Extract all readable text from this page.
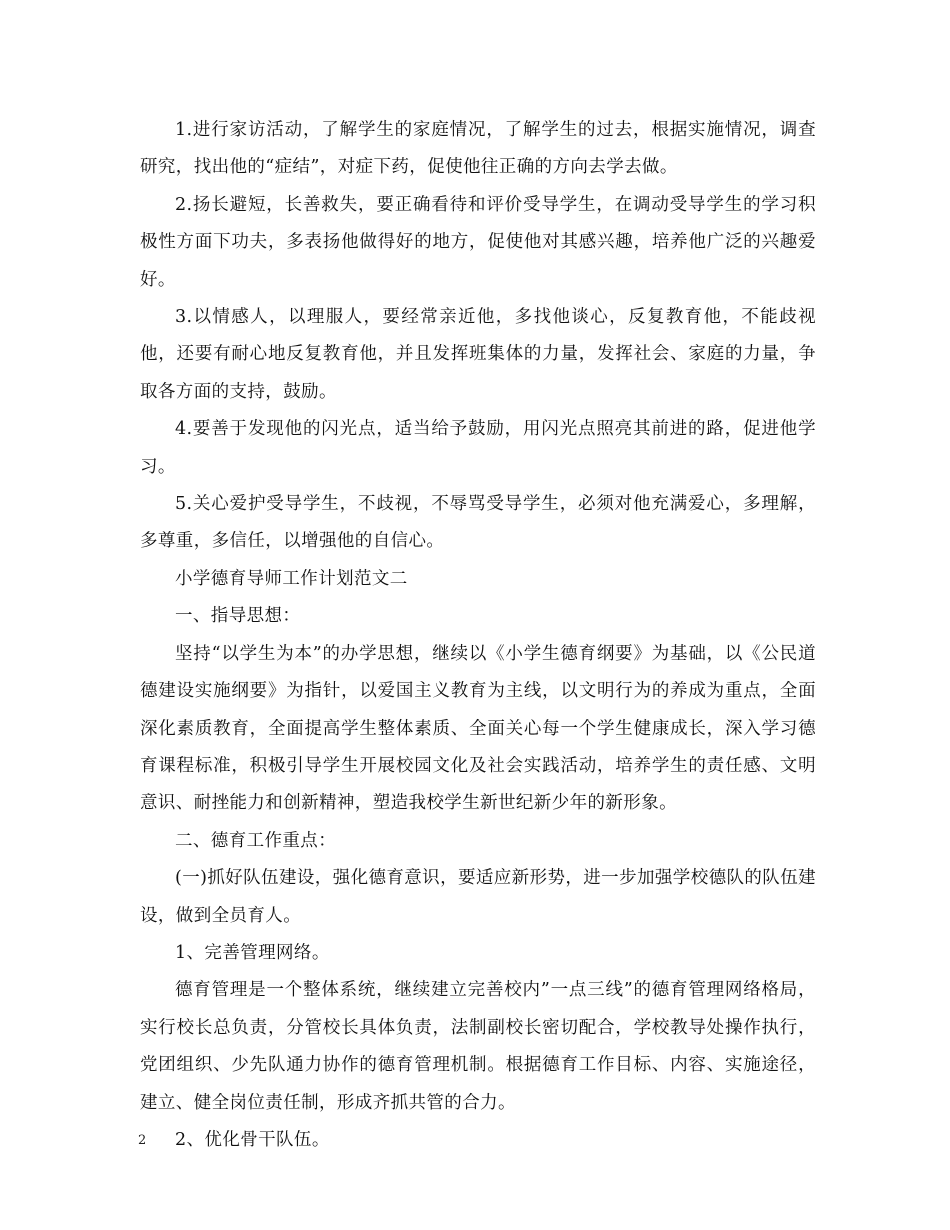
1.进行家访活动，了解学生的家庭情况，了解学生的过去，根据实施情况，调查研究，找出他的“症结”，对症下药，促使他往正确的方向去学去做。

2.扬长避短，长善救失，要正确看待和评价受导学生，在调动受导学生的学习积极性方面下功夫，多表扬他做得好的地方，促使他对其感兴趣，培养他广泛的兴趣爱好。

3.以情感人，以理服人，要经常亲近他，多找他谈心，反复教育他，不能歧视他，还要有耐心地反复教育他，并且发挥班集体的力量，发挥社会、家庭的力量，争取各方面的支持，鼓励。

4.要善于发现他的闪光点，适当给予鼓励，用闪光点照亮其前进的路，促进他学习。

5.关心爱护受导学生，不歧视，不辱骂受导学生，必须对他充满爱心，多理解，多尊重，多信任，以增强他的自信心。

小学德育导师工作计划范文二

一、指导思想：

坚持“以学生为本”的办学思想，继续以《小学生德育纲要》为基础，以《公民道德建设实施纲要》为指针，以爱国主义教育为主线，以文明行为的养成为重点，全面深化素质教育，全面提高学生整体素质、全面关心每一个学生健康成长，深入学习德育课程标准，积极引导学生开展校园文化及社会实践活动，培养学生的责任感、文明意识、耐挫能力和创新精神，塑造我校学生新世纪新少年的新形象。

二、德育工作重点：

(一)抓好队伍建设，强化德育意识，要适应新形势，进一步加强学校德队的队伍建设，做到全员育人。

1、完善管理网络。

德育管理是一个整体系统，继续建立完善校内”一点三线”的德育管理网络格局，实行校长总负责，分管校长具体负责，法制副校长密切配合，学校教导处操作执行，党团组织、少先队通力协作的德育管理机制。根据德育工作目标、内容、实施途径，建立、健全岗位责任制，形成齐抓共管的合力。

2、优化骨干队伍。

2
